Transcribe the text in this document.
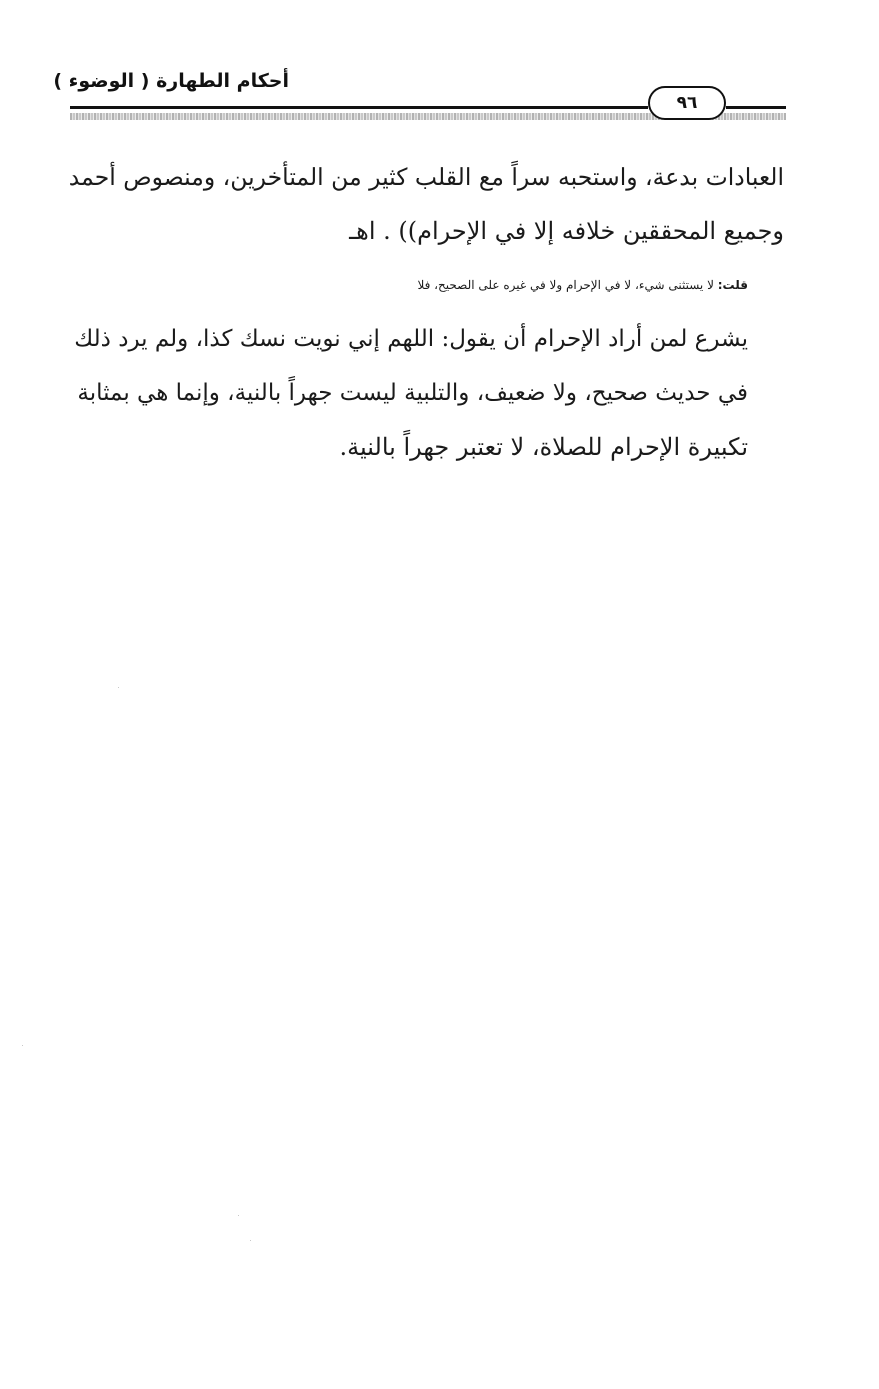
أحكام الطهارة ( الوضوء )
٩٦

العبادات بدعة، واستحبه سراً مع القلب كثير من المتأخرين، ومنصوص أحمد
وجميع المحققين خلافه إلا في الإحرام)) . اهـ

قلت: لا يستثنى شيء، لا في الإحرام ولا في غيره على الصحيح، فلا
يشرع لمن أراد الإحرام أن يقول: اللهم إني نويت نسك كذا، ولم يرد ذلك
في حديث صحيح، ولا ضعيف، والتلبية ليست جهراً بالنية، وإنما هي بمثابة
تكبيرة الإحرام للصلاة، لا تعتبر جهراً بالنية.
